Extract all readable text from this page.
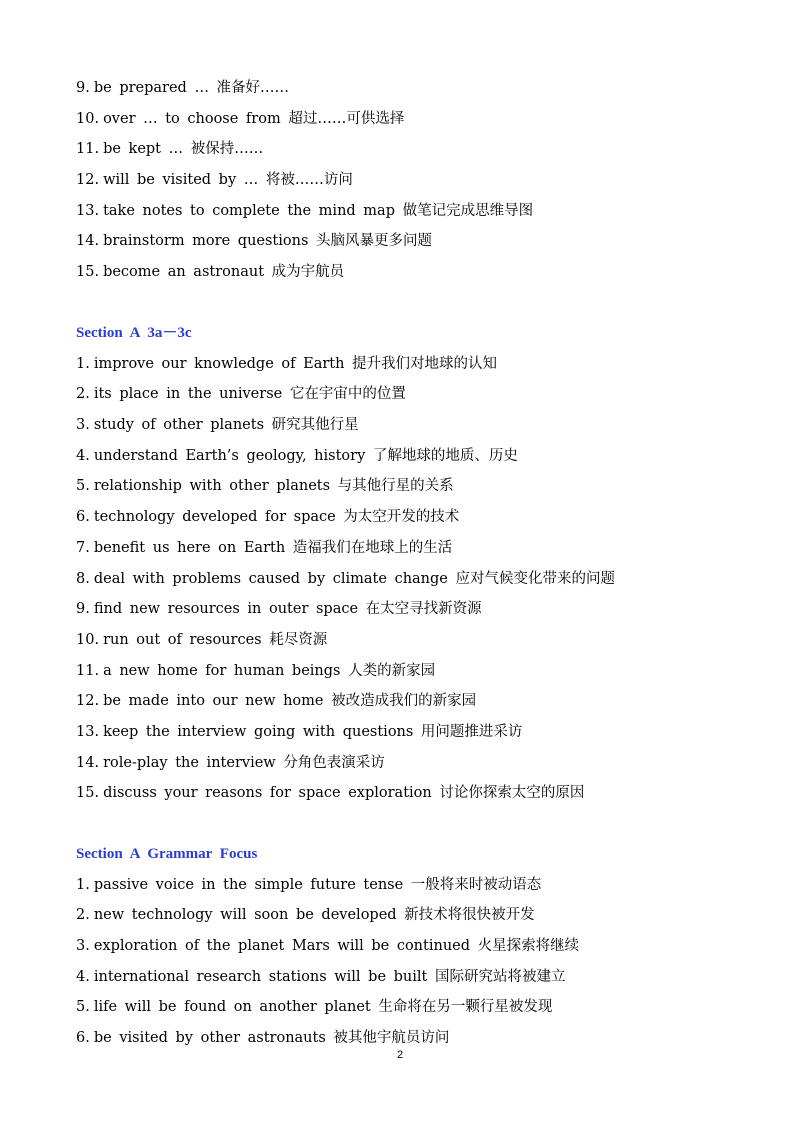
9. be prepared … 准备好……
10. over … to choose from 超过……可供选择
11. be kept … 被保持……
12. will be visited by … 将被……访问
13. take notes to complete the mind map 做笔记完成思维导图
14. brainstorm more questions 头脑风暴更多问题
15. become an astronaut 成为宇航员
Section A 3a－3c
1. improve our knowledge of Earth 提升我们对地球的认知
2. its place in the universe 它在宇宙中的位置
3. study of other planets 研究其他行星
4. understand Earth’s geology, history 了解地球的地质、历史
5. relationship with other planets 与其他行星的关系
6. technology developed for space 为太空开发的技术
7. benefit us here on Earth 造福我们在地球上的生活
8. deal with problems caused by climate change 应对气候变化带来的问题
9. find new resources in outer space 在太空寻找新资源
10. run out of resources 耗尽资源
11. a new home for human beings 人类的新家园
12. be made into our new home 被改造成我们的新家园
13. keep the interview going with questions 用问题推进采访
14. role-play the interview 分角色表演采访
15. discuss your reasons for space exploration 讨论你探索太空的原因
Section A Grammar Focus
1. passive voice in the simple future tense 一般将来时被动语态
2. new technology will soon be developed 新技术将很快被开发
3. exploration of the planet Mars will be continued 火星探索将继续
4. international research stations will be built 国际研究站将被建立
5. life will be found on another planet 生命将在另一颗行星被发现
6. be visited by other astronauts 被其他宇航员访问
2
